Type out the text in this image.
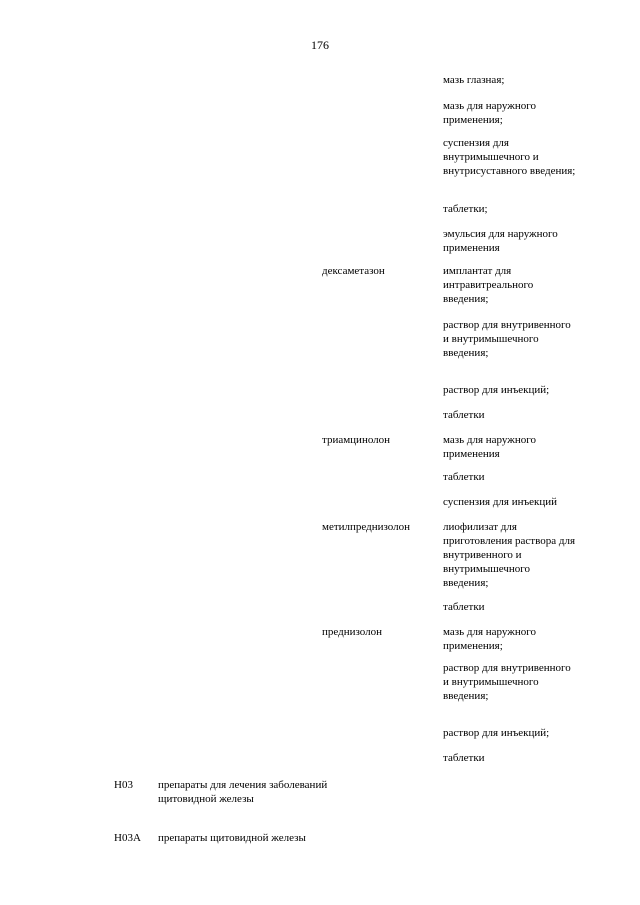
176
мазь глазная;
мазь для наружного применения;
суспензия для внутримышечного и внутрисуставного введения;
таблетки;
эмульсия для наружного применения
дексаметазон	имплантат для интравитреального введения;
раствор для внутривенного и внутримышечного введения;
раствор для инъекций;
таблетки
триамцинолон	мазь для наружного применения
таблетки
суспензия для инъекций
метилпреднизолон	лиофилизат для приготовления раствора для внутривенного и внутримышечного введения;
таблетки
преднизолон	мазь для наружного применения;
раствор для внутривенного и внутримышечного введения;
раствор для инъекций;
таблетки
H03	препараты для лечения заболеваний щитовидной железы
H03A	препараты щитовидной железы
